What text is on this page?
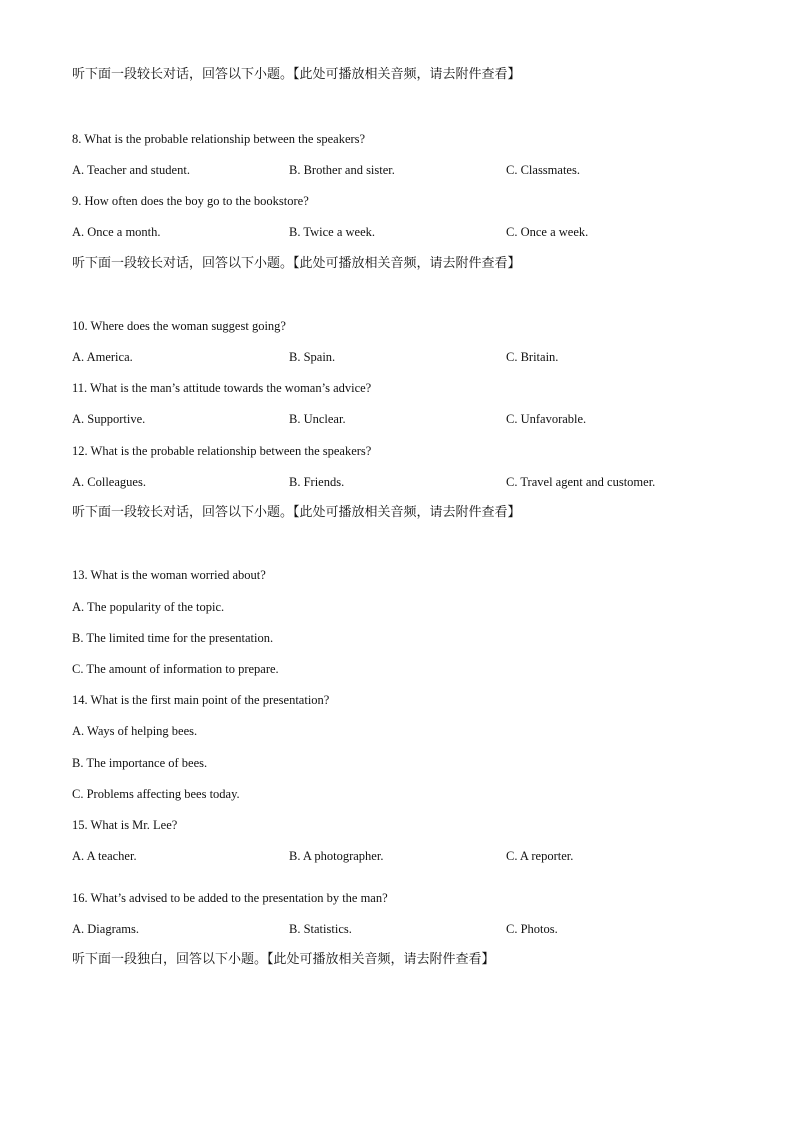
听下面一段较长对话，回答以下小题。【此处可播放相关音频，请去附件查看】
8. What is the probable relationship between the speakers?
A. Teacher and student.	B. Brother and sister.	C. Classmates.
9. How often does the boy go to the bookstore?
A. Once a month.	B. Twice a week.	C. Once a week.
听下面一段较长对话，回答以下小题。【此处可播放相关音频，请去附件查看】
10. Where does the woman suggest going?
A. America.	B. Spain.	C. Britain.
11. What is the man’s attitude towards the woman’s advice?
A. Supportive.	B. Unclear.	C. Unfavorable.
12. What is the probable relationship between the speakers?
A. Colleagues.	B. Friends.	C. Travel agent and customer.
听下面一段较长对话，回答以下小题。【此处可播放相关音频，请去附件查看】
13. What is the woman worried about?
A. The popularity of the topic.
B. The limited time for the presentation.
C. The amount of information to prepare.
14. What is the first main point of the presentation?
A. Ways of helping bees.
B. The importance of bees.
C. Problems affecting bees today.
15. What is Mr. Lee?
A. A teacher.	B. A photographer.	C. A reporter.
16. What’s advised to be added to the presentation by the man?
A. Diagrams.	B. Statistics.	C. Photos.
听下面一段独白，回答以下小题。【此处可播放相关音频，请去附件查看】
